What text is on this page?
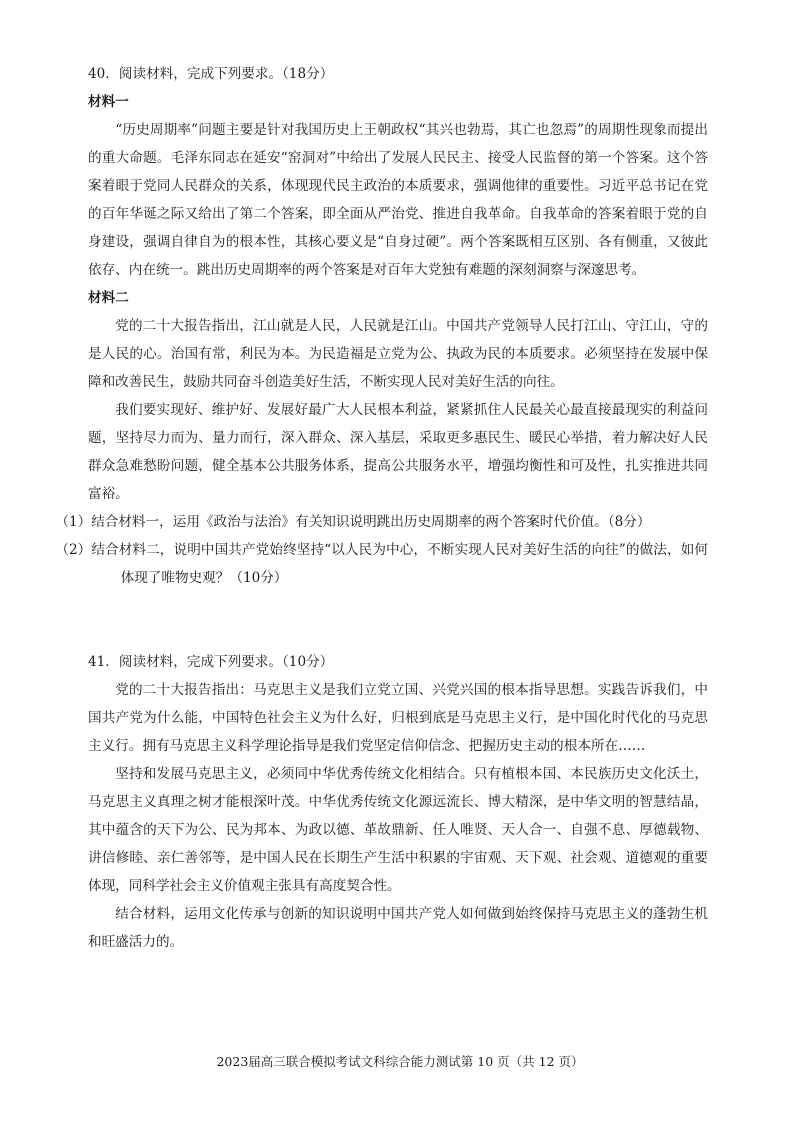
40．阅读材料，完成下列要求。（18分）

材料一

“历史周期率”问题主要是针对我国历史上王朝政权“其兴也勃焉，其亡也忽焉”的周期性现象而提出的重大命题。毛泽东同志在延安“窑洞对”中给出了发展人民民主、接受人民监督的第一个答案。这个答案着眼于党同人民群众的关系，体现现代民主政治的本质要求，强调他律的重要性。习近平总书记在党的百年华诞之际又给出了第二个答案，即全面从严治党、推进自我革命。自我革命的答案着眼于党的自身建设，强调自律自为的根本性，其核心要义是“自身过硬”。两个答案既相互区别、各有侧重，又彼此依存、内在统一。跳出历史周期率的两个答案是对百年大党独有难题的深刻洞察与深邃思考。

材料二

党的二十大报告指出，江山就是人民，人民就是江山。中国共产党领导人民打江山、守江山，守的是人民的心。治国有常，利民为本。为民造福是立党为公、执政为民的本质要求。必须坚持在发展中保障和改善民生，鼓励共同奋斗创造美好生活，不断实现人民对美好生活的向往。

我们要实现好、维护好、发展好最广大人民根本利益，紧紧抓住人民最关心最直接最现实的利益问题，坚持尽力而为、量力而行，深入群众、深入基层，采取更多惠民生、暖民心举措，着力解决好人民群众急难愁盼问题，健全基本公共服务体系，提高公共服务水平，增强均衡性和可及性，扎实推进共同富裕。

（1）结合材料一，运用《政治与法治》有关知识说明跳出历史周期率的两个答案时代价值。（8分）

（2）结合材料二，说明中国共产党始终坚持“以人民为中心，不断实现人民对美好生活的向往”的做法，如何体现了唯物史观？（10分）

41．阅读材料，完成下列要求。（10分）

党的二十大报告指出：马克思主义是我们立党立国、兴党兴国的根本指导思想。实践告诉我们，中国共产党为什么能，中国特色社会主义为什么好，归根到底是马克思主义行，是中国化时代化的马克思主义行。拥有马克思主义科学理论指导是我们党坚定信仰信念、把握历史主动的根本所在……

坚持和发展马克思主义，必须同中华优秀传统文化相结合。只有植根本国、本民族历史文化沃土，马克思主义真理之树才能根深叶茂。中华优秀传统文化源远流长、博大精深，是中华文明的智慧结晶，其中蕴含的天下为公、民为邦本、为政以德、革故鼎新、任人唯贤、天人合一、自强不息、厚德载物、讲信修睦、亲仁善邻等，是中国人民在长期生产生活中积累的宇宙观、天下观、社会观、道德观的重要体现，同科学社会主义价值观主张具有高度契合性。

结合材料，运用文化传承与创新的知识说明中国共产党人如何做到始终保持马克思主义的蓬勃生机和旺盛活力的。

2023届高三联合模拟考试文科综合能力测试第 10 页（共 12 页）
